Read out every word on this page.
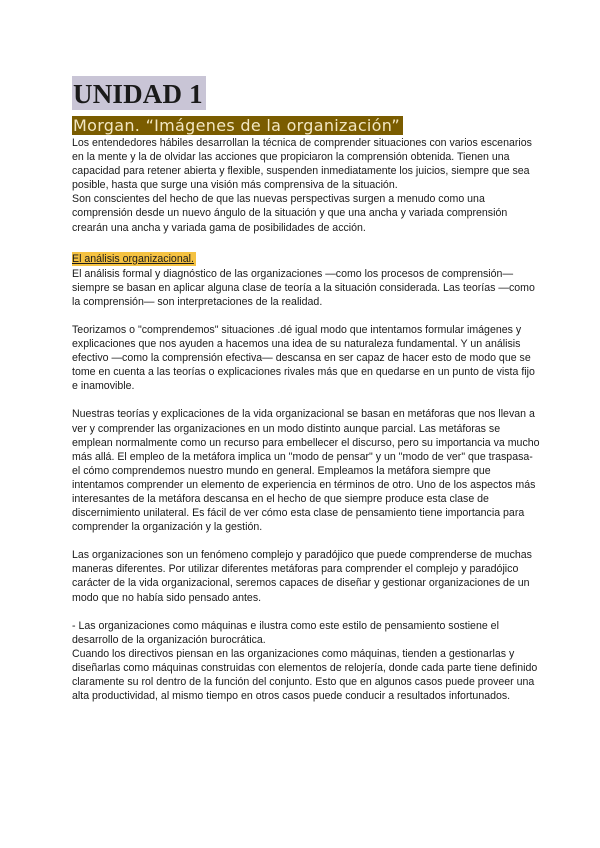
UNIDAD 1
Morgan. “Imágenes de la organización”

Los entendedores hábiles desarrollan la técnica de comprender situaciones con varios escenarios en la mente y la de olvidar las acciones que propiciaron la comprensión obtenida. Tienen una capacidad para retener abierta y flexible, suspenden inmediatamente los juicios, siempre que sea posible, hasta que surge una visión más comprensiva de la situación.

Son conscientes del hecho de que las nuevas perspectivas surgen a menudo como una comprensión desde un nuevo ángulo de la situación y que una ancha y variada comprensión crearán una ancha y variada gama de posibilidades de acción.

El análisis organizacional.

El análisis formal y diagnóstico de las organizaciones —como los procesos de comprensión— siempre se basan en aplicar alguna clase de teoría a la situación considerada. Las teorías —como la comprensión— son interpretaciones de la realidad.

Teorizamos o "comprendemos" situaciones .dé igual modo que intentamos formular imágenes y explicaciones que nos ayuden a hacemos una idea de su naturaleza fundamental. Y un análisis efectivo —como la comprensión efectiva— descansa en ser capaz de hacer esto de modo que se tome en cuenta a las teorías o explicaciones rivales más que en quedarse en un punto de vista fijo e inamovible.

Nuestras teorías y explicaciones de la vida organizacional se basan en metáforas que nos llevan a ver y comprender las organizaciones en un modo distinto aunque parcial. Las metáforas se emplean normalmente como un recurso para embellecer el discurso, pero su importancia va mucho más allá. El empleo de la metáfora implica un "modo de pensar" y un "modo de ver" que traspasa- el cómo comprendemos nuestro mundo en general. Empleamos la metáfora siempre que intentamos comprender un elemento de experiencia en términos de otro. Uno de los aspectos más interesantes de la metáfora descansa en el hecho de que siempre produce esta clase de discernimiento unilateral. Es fácil de ver cómo esta clase de pensamiento tiene importancia para comprender la organización y la gestión.

Las organizaciones son un fenómeno complejo y paradójico que puede comprenderse de muchas maneras diferentes. Por utilizar diferentes metáforas para comprender el complejo y paradójico carácter de la vida organizacional, seremos capaces de diseñar y gestionar organizaciones de un modo que no había sido pensado antes.

- Las organizaciones como máquinas e ilustra como este estilo de pensamiento sostiene el desarrollo de la organización burocrática.

Cuando los directivos piensan en las organizaciones como máquinas, tienden a gestionarlas y diseñarlas como máquinas construidas con elementos de relojería, donde cada parte tiene definido claramente su rol dentro de la función del conjunto. Esto que en algunos casos puede proveer una alta productividad, al mismo tiempo en otros casos puede conducir a resultados infortunados.
